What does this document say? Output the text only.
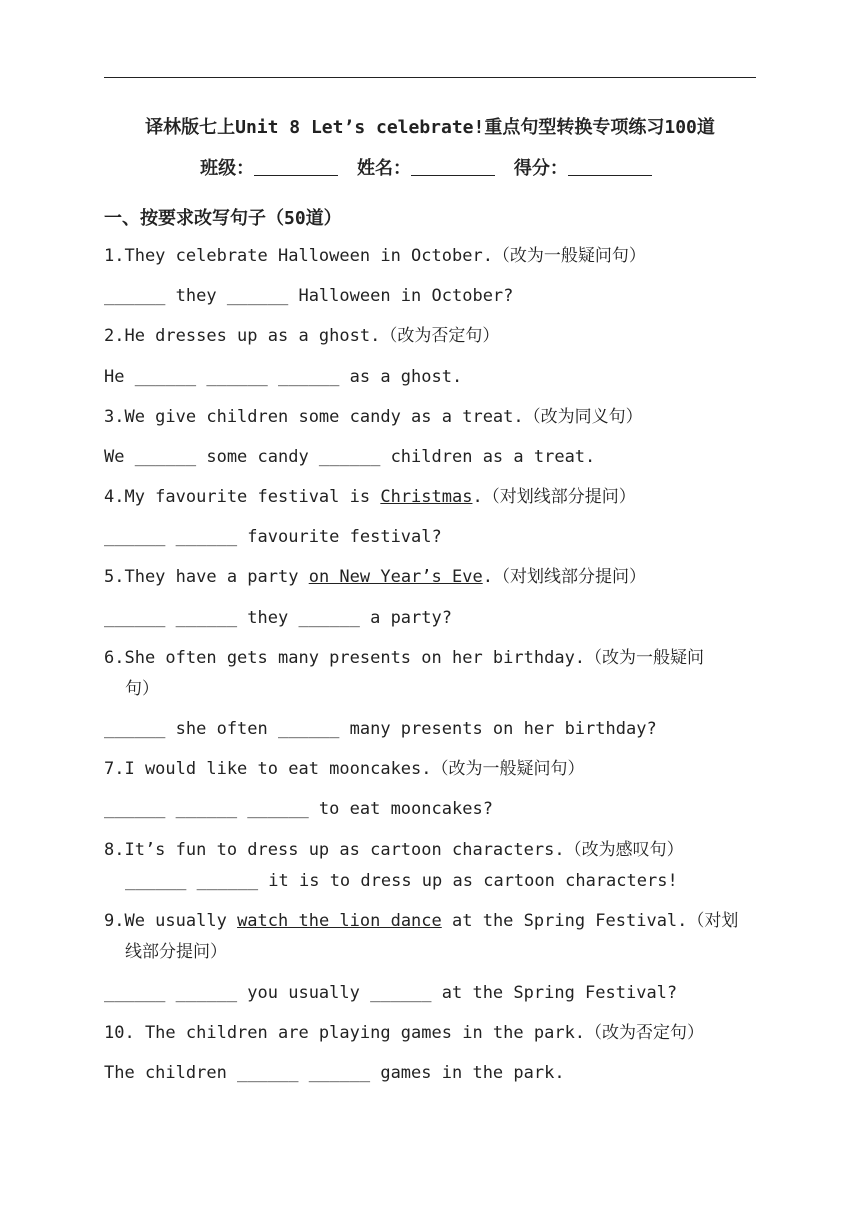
译林版七上Unit 8 Let’s celebrate!重点句型转换专项练习100道
班级：	姓名：	得分：
一、按要求改写句子（50道）
1.They celebrate Halloween in October.（改为一般疑问句）
______ they ______ Halloween in October?
2.He dresses up as a ghost.（改为否定句）
He ______ ______ ______ as a ghost.
3.We give children some candy as a treat.（改为同义句）
We ______ some candy ______ children as a treat.
4.My favourite festival is Christmas.（对划线部分提问）
______ ______ favourite festival?
5.They have a party on New Year’s Eve.（对划线部分提问）
______ ______ they ______ a party?
6.She often gets many presents on her birthday.（改为一般疑问
句）
______ she often ______ many presents on her birthday?
7.I would like to eat mooncakes.（改为一般疑问句）
______ ______ ______ to eat mooncakes?
8.It’s fun to dress up as cartoon characters.（改为感叹句）
______ ______ it is to dress up as cartoon characters!
9.We usually watch the lion dance at the Spring Festival.（对划
线部分提问）
______ ______ you usually ______ at the Spring Festival?
10. The children are playing games in the park.（改为否定句）
The children ______ ______ games in the park.
